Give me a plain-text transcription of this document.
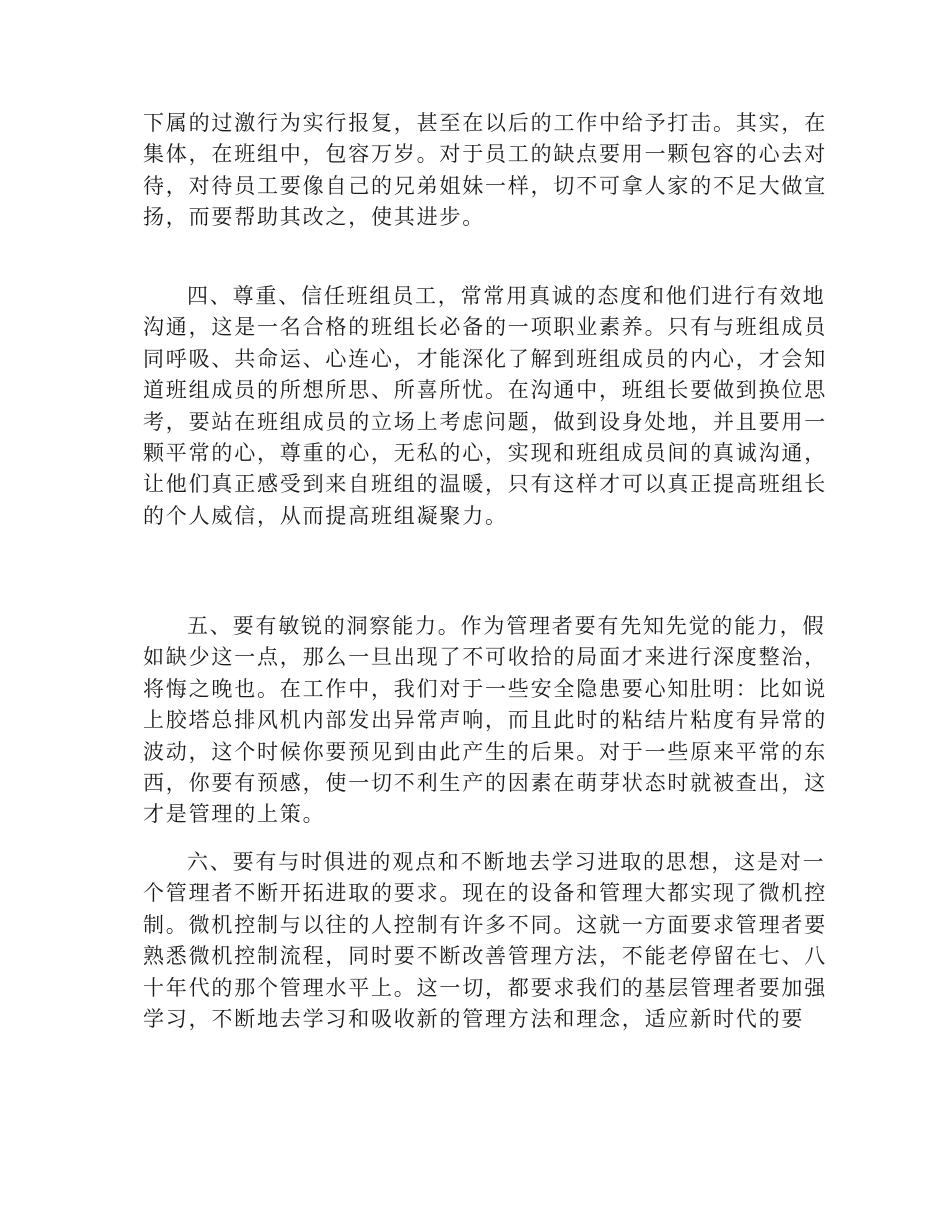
下属的过激行为实行报复，甚至在以后的工作中给予打击。其实，在
集体，在班组中，包容万岁。对于员工的缺点要用一颗包容的心去对
待，对待员工要像自己的兄弟姐妹一样，切不可拿人家的不足大做宣
扬，而要帮助其改之，使其进步。

四、尊重、信任班组员工，常常用真诚的态度和他们进行有效地
沟通，这是一名合格的班组长必备的一项职业素养。只有与班组成员
同呼吸、共命运、心连心，才能深化了解到班组成员的内心，才会知
道班组成员的所想所思、所喜所忧。在沟通中，班组长要做到换位思
考，要站在班组成员的立场上考虑问题，做到设身处地，并且要用一
颗平常的心，尊重的心，无私的心，实现和班组成员间的真诚沟通，
让他们真正感受到来自班组的温暖，只有这样才可以真正提高班组长
的个人威信，从而提高班组凝聚力。

五、要有敏锐的洞察能力。作为管理者要有先知先觉的能力，假
如缺少这一点，那么一旦出现了不可收拾的局面才来进行深度整治，
将悔之晚也。在工作中，我们对于一些安全隐患要心知肚明：比如说
上胶塔总排风机内部发出异常声响，而且此时的粘结片粘度有异常的
波动，这个时候你要预见到由此产生的后果。对于一些原来平常的东
西，你要有预感，使一切不利生产的因素在萌芽状态时就被查出，这
才是管理的上策。

六、要有与时俱进的观点和不断地去学习进取的思想，这是对一
个管理者不断开拓进取的要求。现在的设备和管理大都实现了微机控
制。微机控制与以往的人控制有许多不同。这就一方面要求管理者要
熟悉微机控制流程，同时要不断改善管理方法，不能老停留在七、八
十年代的那个管理水平上。这一切，都要求我们的基层管理者要加强
学习，不断地去学习和吸收新的管理方法和理念，适应新时代的要
